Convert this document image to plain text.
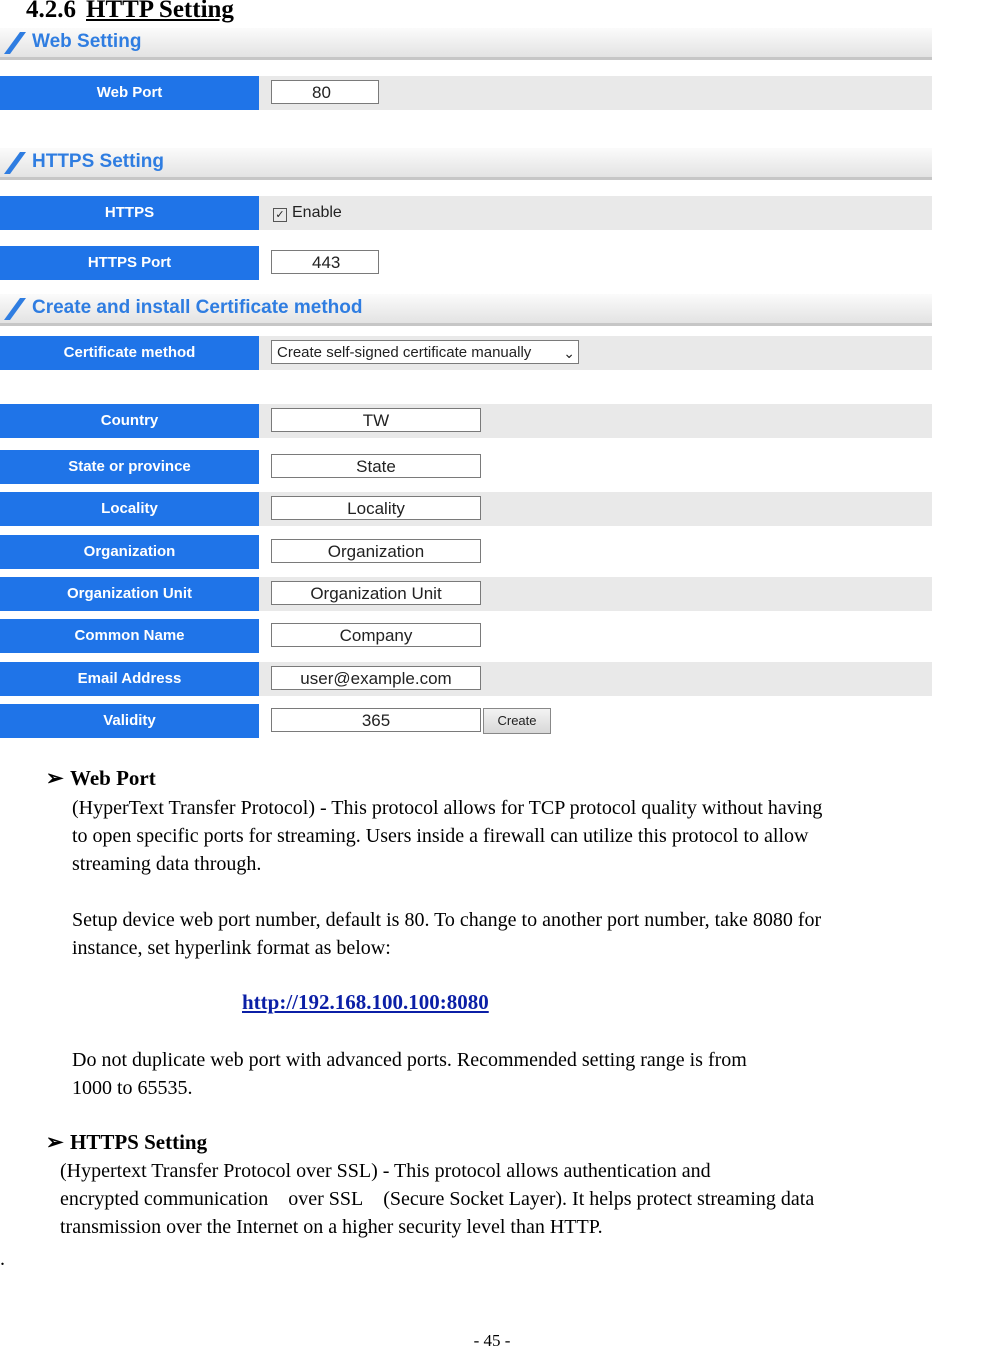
4.2.6 HTTP Setting
Web Setting
Web Port	80
HTTPS Setting
HTTPS	✓ Enable
HTTPS Port	443
Create and install Certificate method
Certificate method	Create self-signed certificate manually ⌄
Country	TW
State or province	State
Locality	Locality
Organization	Organization
Organization Unit	Organization Unit
Common Name	Company
Email Address	user@example.com
Validity	365	Create
➢ Web Port
(HyperText Transfer Protocol) - This protocol allows for TCP protocol quality without having
to open specific ports for streaming. Users inside a firewall can utilize this protocol to allow
streaming data through.
Setup device web port number, default is 80. To change to another port number, take 8080 for
instance, set hyperlink format as below:
http://192.168.100.100:8080
Do not duplicate web port with advanced ports. Recommended setting range is from
1000 to 65535.
➢ HTTPS Setting
(Hypertext Transfer Protocol over SSL) - This protocol allows authentication and
encrypted communication    over SSL    (Secure Socket Layer). It helps protect streaming data
transmission over the Internet on a higher security level than HTTP.
.
- 45 -
